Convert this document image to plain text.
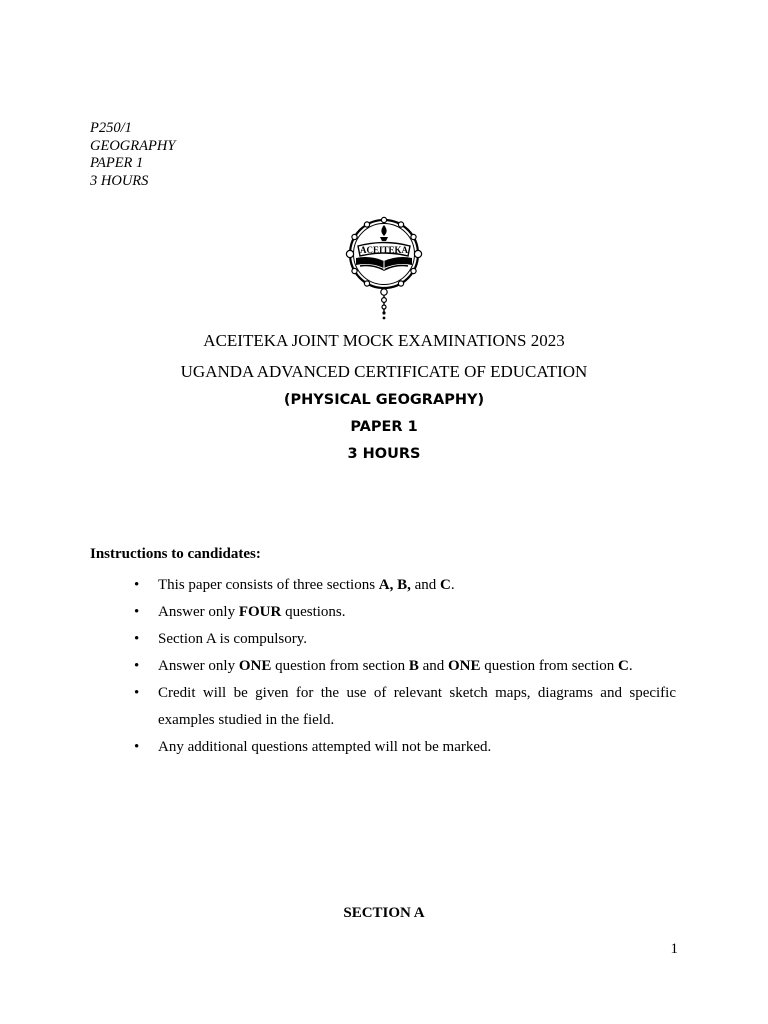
P250/1
GEOGRAPHY
PAPER 1
3 HOURS
ACEITEKA
ACEITEKA JOINT MOCK EXAMINATIONS 2023
UGANDA ADVANCED CERTIFICATE OF EDUCATION
(PHYSICAL GEOGRAPHY)
PAPER 1
3 HOURS
Instructions to candidates:
• This paper consists of three sections A, B, and C.
• Answer only FOUR questions.
• Section A is compulsory.
• Answer only ONE question from section B and ONE question from section C.
• Credit will be given for the use of relevant sketch maps, diagrams and specific examples studied in the field.
• Any additional questions attempted will not be marked.
SECTION A
1
